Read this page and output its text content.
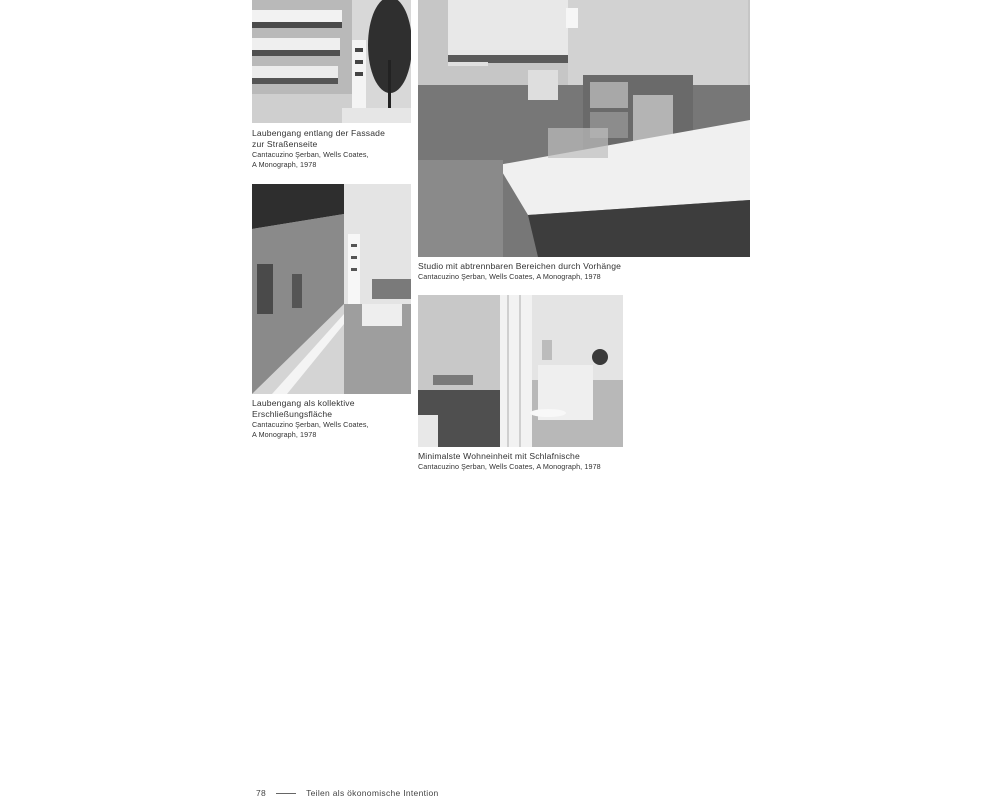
Laubengang entlang der Fassade
zur Straßenseite
Cantacuzino Şerban, Wells Coates,
A Monograph, 1978
Studio mit abtrennbaren Bereichen durch Vorhänge
Cantacuzino Şerban, Wells Coates, A Monograph, 1978
Laubengang als kollektive
Erschließungsfläche
Cantacuzino Şerban, Wells Coates,
A Monograph, 1978
Minimalste Wohneinheit mit Schlafnische
Cantacuzino Şerban, Wells Coates, A Monograph, 1978
78	Teilen als ökonomische Intention
